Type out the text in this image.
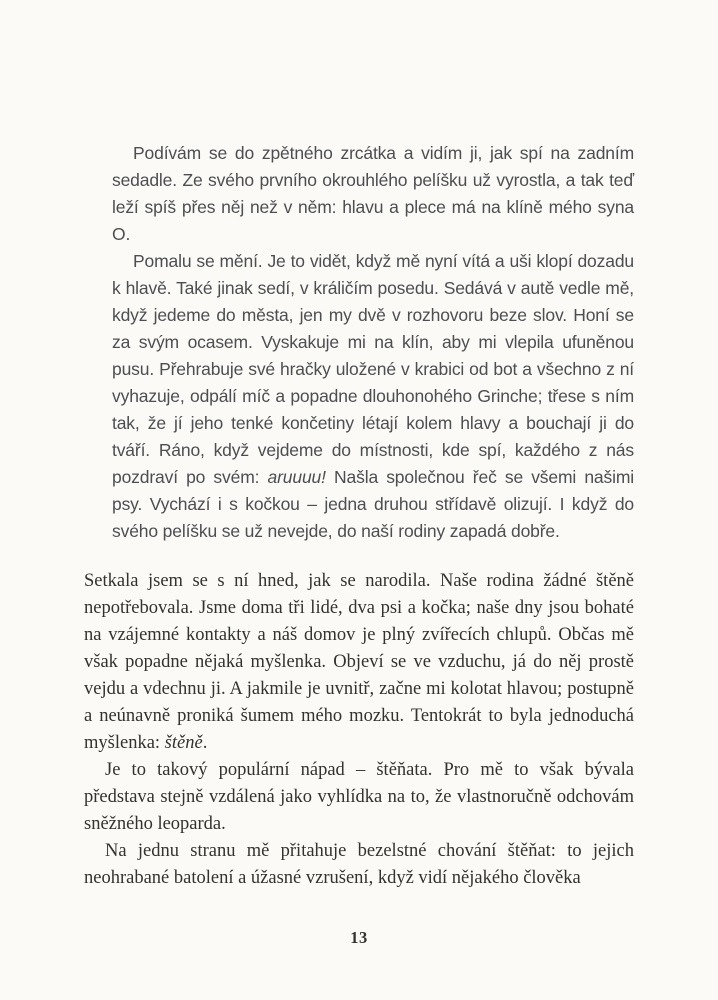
Podívám se do zpětného zrcátka a vidím ji, jak spí na zadním sedadle. Ze svého prvního okrouhlého pelíšku už vyrostla, a tak teď leží spíš přes něj než v něm: hlavu a plece má na klíně mého syna O.

Pomalu se mění. Je to vidět, když mě nyní vítá a uši klopí dozadu k hlavě. Také jinak sedí, v králičím posedu. Sedává v autě vedle mě, když jedeme do města, jen my dvě v rozhovoru beze slov. Honí se za svým ocasem. Vyskakuje mi na klín, aby mi vlepila ufuněnou pusu. Přehrabuje své hračky uložené v krabici od bot a všechno z ní vyhazuje, odpálí míč a popadne dlouhonohého Grinche; třese s ním tak, že jí jeho tenké končetiny létají kolem hlavy a bouchají ji do tváří. Ráno, když vejdeme do místnosti, kde spí, každého z nás pozdraví po svém: aruuuu! Našla společnou řeč se všemi našimi psy. Vychází i s kočkou – jedna druhou střídavě olizují. I když do svého pelíšku se už nevejde, do naší rodiny zapadá dobře.

Setkala jsem se s ní hned, jak se narodila. Naše rodina žádné štěně nepotřebovala. Jsme doma tři lidé, dva psi a kočka; naše dny jsou bohaté na vzájemné kontakty a náš domov je plný zvířecích chlupů. Občas mě však popadne nějaká myšlenka. Objeví se ve vzduchu, já do něj prostě vejdu a vdechnu ji. A jakmile je uvnitř, začne mi kolotat hlavou; postupně a neúnavně proniká šumem mého mozku. Tentokrát to byla jednoduchá myšlenka: štěně.

Je to takový populární nápad – štěňata. Pro mě to však bývala představa stejně vzdálená jako vyhlídka na to, že vlastnoručně odchovám sněžného leoparda.

Na jednu stranu mě přitahuje bezelstné chování štěňat: to jejich neohrabané batolení a úžasné vzrušení, když vidí nějakého člověka

13
